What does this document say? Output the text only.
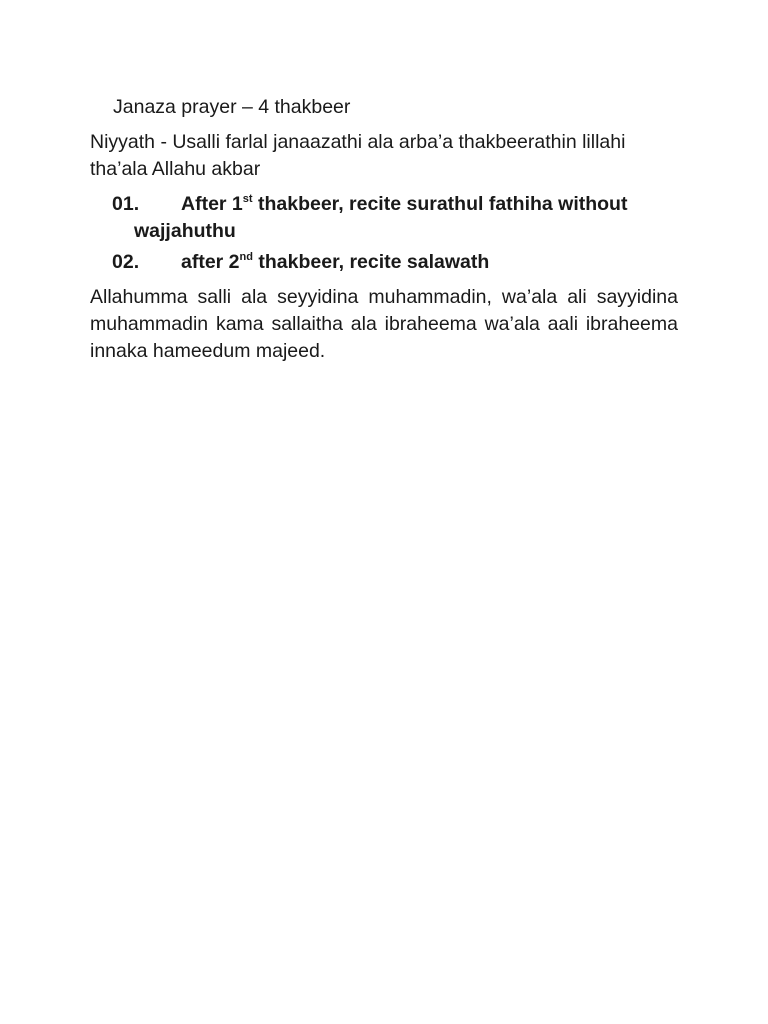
Janaza prayer – 4 thakbeer

Niyyath - Usalli farlal janaazathi ala arba’a thakbeerathin lillahi tha’ala Allahu akbar

01.	After 1st thakbeer, recite surathul fathiha without
wajjahuthu
02.	after 2nd thakbeer, recite salawath

Allahumma salli ala seyyidina muhammadin, wa’ala ali sayyidina muhammadin kama sallaitha ala ibraheema wa’ala aali ibraheema innaka hameedum majeed.
